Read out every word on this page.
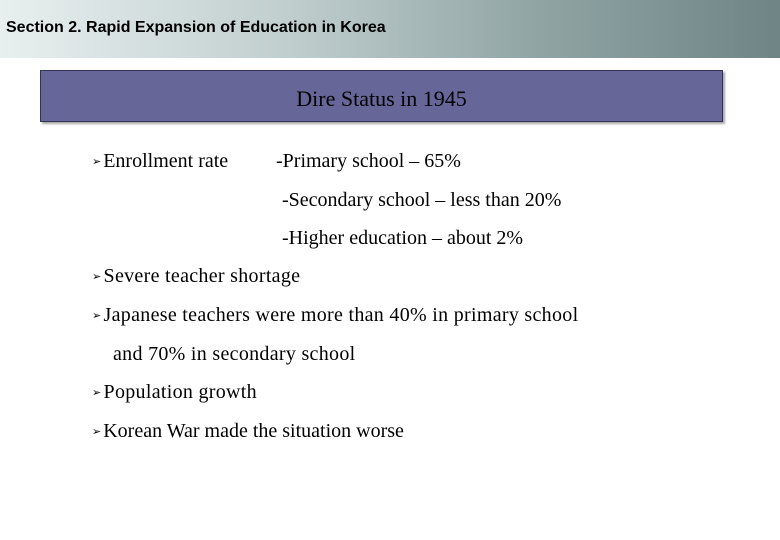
Section 2. Rapid Expansion of Education in Korea
Dire Status in 1945
➢ Enrollment rate -Primary school – 65%
-Secondary school – less than 20%
-Higher education – about 2%
➢ Severe teacher shortage
➢ Japanese teachers were more than 40% in primary school
and 70% in secondary school
➢ Population growth
➢ Korean War made the situation worse
